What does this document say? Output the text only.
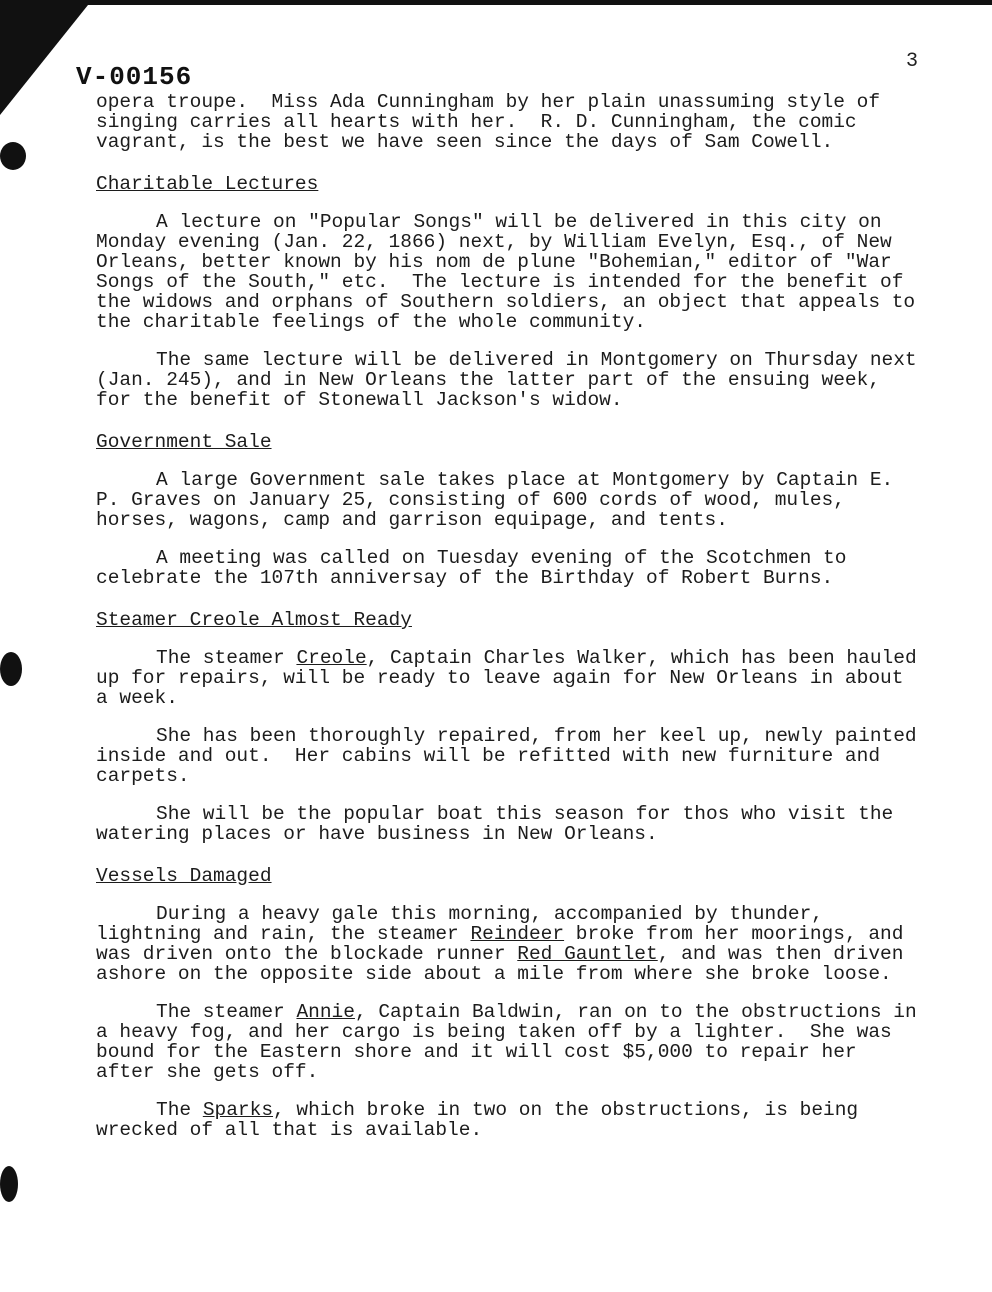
V-00156
3

opera troupe.  Miss Ada Cunningham by her plain unassuming style of singing carries all hearts with her.  R. D. Cunningham, the comic vagrant, is the best we have seen since the days of Sam Cowell.

Charitable Lectures

A lecture on "Popular Songs" will be delivered in this city on Monday evening (Jan. 22, 1866) next, by William Evelyn, Esq., of New Orleans, better known by his nom de plune "Bohemian," editor of "War Songs of the South," etc.  The lecture is intended for the benefit of the widows and orphans of Southern soldiers, an object that appeals to the charitable feelings of the whole community.

The same lecture will be delivered in Montgomery on Thursday next (Jan. 245), and in New Orleans the latter part of the ensuing week, for the benefit of Stonewall Jackson's widow.

Government Sale

A large Government sale takes place at Montgomery by Captain E. P. Graves on January 25, consisting of 600 cords of wood, mules, horses, wagons, camp and garrison equipage, and tents.

A meeting was called on Tuesday evening of the Scotchmen to celebrate the 107th anniversay of the Birthday of Robert Burns.

Steamer Creole Almost Ready

The steamer Creole, Captain Charles Walker, which has been hauled up for repairs, will be ready to leave again for New Orleans in about a week.

She has been thoroughly repaired, from her keel up, newly painted inside and out.  Her cabins will be refitted with new furniture and carpets.

She will be the popular boat this season for thos who visit the watering places or have business in New Orleans.

Vessels Damaged

During a heavy gale this morning, accompanied by thunder, lightning and rain, the steamer Reindeer broke from her moorings, and was driven onto the blockade runner Red Gauntlet, and was then driven ashore on the opposite side about a mile from where she broke loose.

The steamer Annie, Captain Baldwin, ran on to the obstructions in a heavy fog, and her cargo is being taken off by a lighter.  She was bound for the Eastern shore and it will cost $5,000 to repair her after she gets off.

The Sparks, which broke in two on the obstructions, is being wrecked of all that is available.
